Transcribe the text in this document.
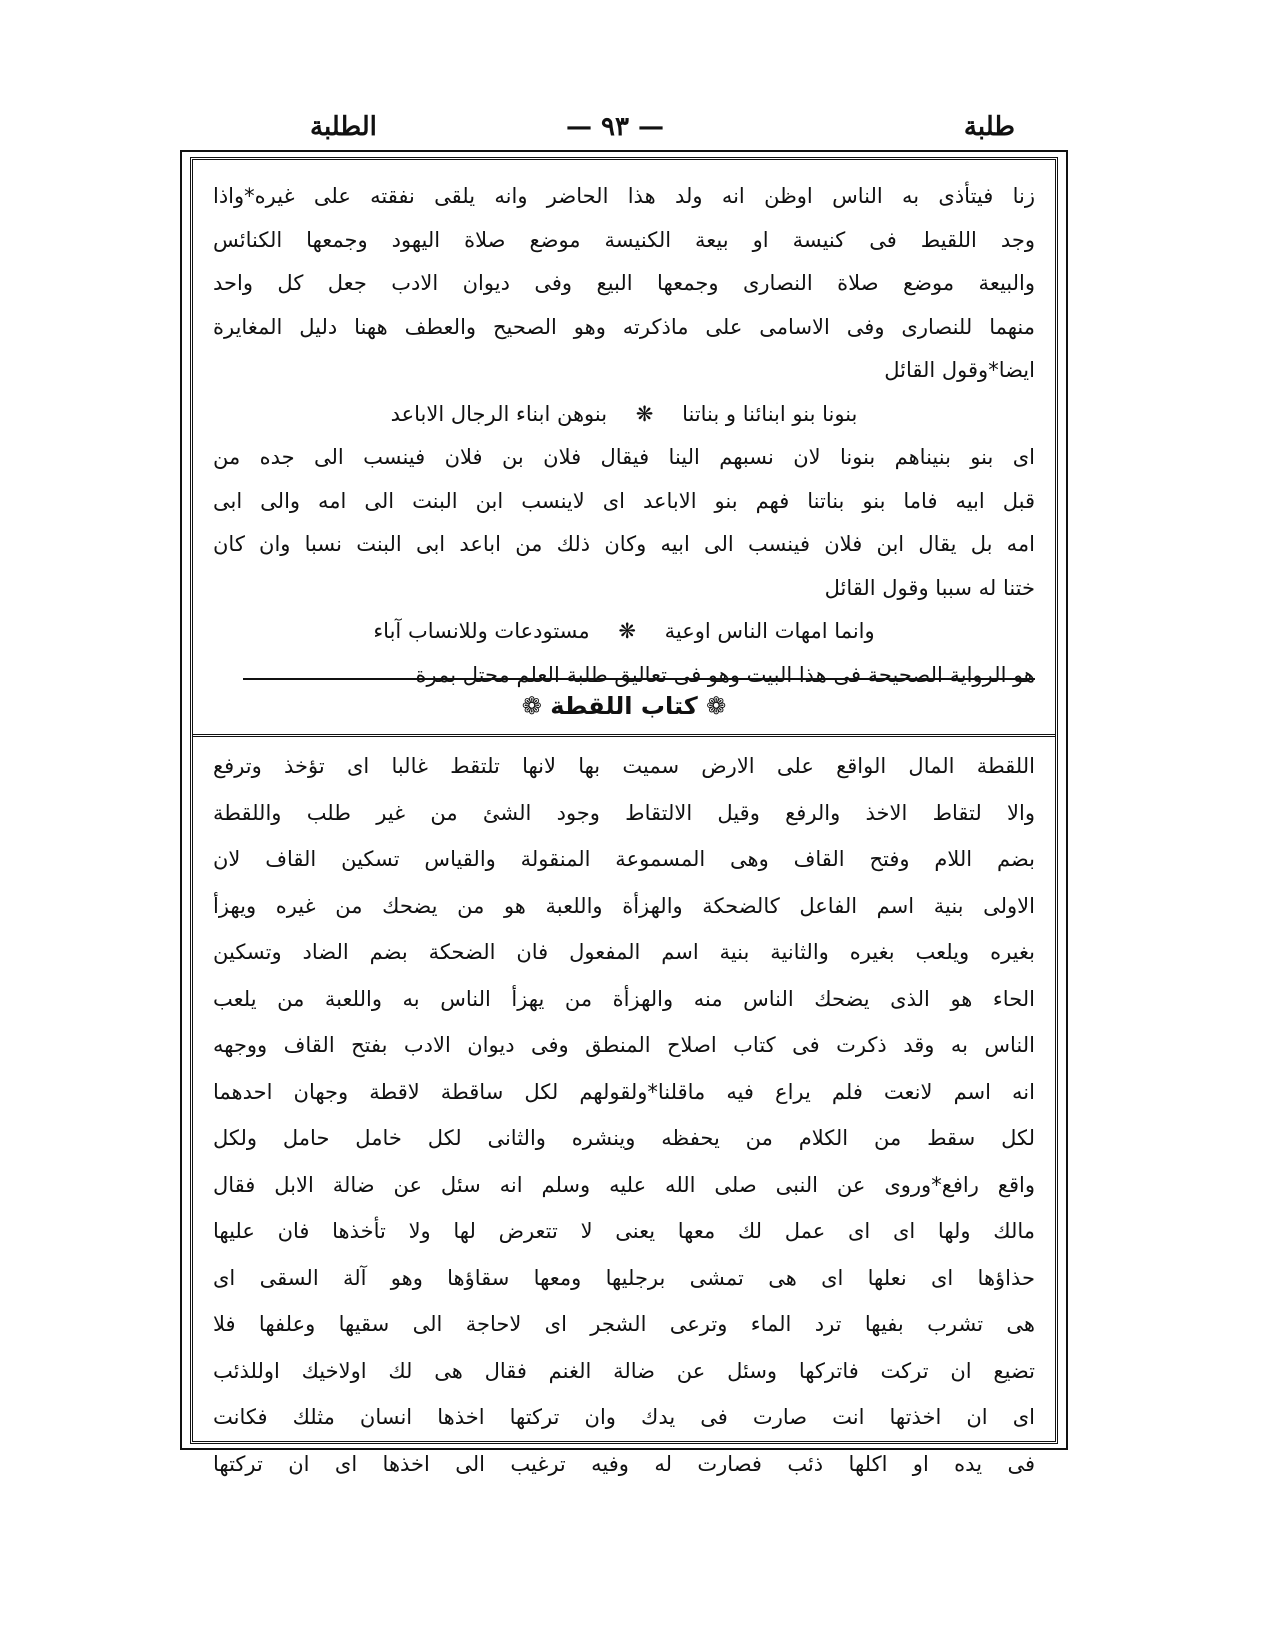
طلبة
— ٩٣ —
الطلبة
زنا فيتأذى به الناس اوظن انه ولد هذا الحاضر وانه يلقى نفقته على غيره*واذا
وجد اللقيط فى كنيسة او بيعة الكنيسة موضع صلاة اليهود وجمعها الكنائس
والبيعة موضع صلاة النصارى وجمعها البيع وفى ديوان الادب جعل كل واحد
منهما للنصارى وفى الاسامى على ماذكرته وهو الصحيح والعطف ههنا دليل المغايرة
ايضا*وقول القائل
بنونا بنو ابنائنا و بناتنا ❋ بنوهن ابناء الرجال الاباعد
اى بنو بنيناهم بنونا لان نسبهم الينا فيقال فلان بن فلان فينسب الى جده من
قبل ابيه فاما بنو بناتنا فهم بنو الاباعد اى لاينسب ابن البنت الى امه والى ابى
امه بل يقال ابن فلان فينسب الى ابيه وكان ذلك من اباعد ابى البنت نسبا وان كان
ختنا له سببا وقول القائل
وانما امهات الناس اوعية ❋ مستودعات وللانساب آباء
هو الرواية الصحيحة فى هذا البيت وهو فى تعاليق طلبة العلم محتل بمرة
❁ كتاب اللقطة ❁
اللقطة المال الواقع على الارض سميت بها لانها تلتقط غالبا اى تؤخذ وترفع
والا لتقاط الاخذ والرفع وقيل الالتقاط وجود الشئ من غير طلب واللقطة
بضم اللام وفتح القاف وهى المسموعة المنقولة والقياس تسكين القاف لان
الاولى بنية اسم الفاعل كالضحكة والهزأة واللعبة هو من يضحك من غيره ويهزأ
بغيره ويلعب بغيره والثانية بنية اسم المفعول فان الضحكة بضم الضاد وتسكين
الحاء هو الذى يضحك الناس منه والهزأة من يهزأ الناس به واللعبة من يلعب
الناس به وقد ذكرت فى كتاب اصلاح المنطق وفى ديوان الادب بفتح القاف ووجهه
انه اسم لانعت فلم يراع فيه ماقلنا*ولقولهم لكل ساقطة لاقطة وجهان احدهما
لكل سقط من الكلام من يحفظه وينشره والثانى لكل خامل حامل ولكل
واقع رافع*وروى عن النبى صلى الله عليه وسلم انه سئل عن ضالة الابل فقال
مالك ولها اى اى عمل لك معها يعنى لا تتعرض لها ولا تأخذها فان عليها
حذاؤها اى نعلها اى هى تمشى برجليها ومعها سقاؤها وهو آلة السقى اى
هى تشرب بفيها ترد الماء وترعى الشجر اى لاحاجة الى سقيها وعلفها فلا
تضيع ان تركت فاتركها وسئل عن ضالة الغنم فقال هى لك اولاخيك اوللذئب
اى ان اخذتها انت صارت فى يدك وان تركتها اخذها انسان مثلك فكانت
فى يده او اكلها ذئب فصارت له وفيه ترغيب الى اخذها اى ان تركتها
